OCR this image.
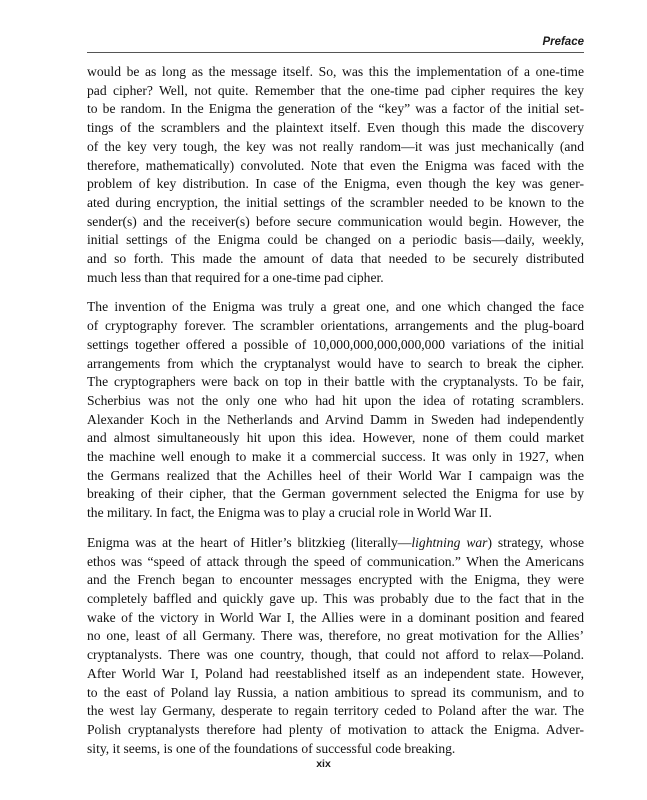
Preface

would be as long as the message itself. So, was this the implementation of a one-time
pad cipher? Well, not quite. Remember that the one-time pad cipher requires the key
to be random. In the Enigma the generation of the “key” was a factor of the initial set-
tings of the scramblers and the plaintext itself. Even though this made the discovery
of the key very tough, the key was not really random—it was just mechanically (and
therefore, mathematically) convoluted. Note that even the Enigma was faced with the
problem of key distribution. In case of the Enigma, even though the key was gener-
ated during encryption, the initial settings of the scrambler needed to be known to the
sender(s) and the receiver(s) before secure communication would begin. However, the
initial settings of the Enigma could be changed on a periodic basis—daily, weekly,
and so forth. This made the amount of data that needed to be securely distributed
much less than that required for a one-time pad cipher.

The invention of the Enigma was truly a great one, and one which changed the face
of cryptography forever. The scrambler orientations, arrangements and the plug-board
settings together offered a possible of 10,000,000,000,000,000 variations of the initial
arrangements from which the cryptanalyst would have to search to break the cipher.
The cryptographers were back on top in their battle with the cryptanalysts. To be fair,
Scherbius was not the only one who had hit upon the idea of rotating scramblers.
Alexander Koch in the Netherlands and Arvind Damm in Sweden had independently
and almost simultaneously hit upon this idea. However, none of them could market
the machine well enough to make it a commercial success. It was only in 1927, when
the Germans realized that the Achilles heel of their World War I campaign was the
breaking of their cipher, that the German government selected the Enigma for use by
the military. In fact, the Enigma was to play a crucial role in World War II.

Enigma was at the heart of Hitler’s blitzkieg (literally—lightning war) strategy, whose
ethos was “speed of attack through the speed of communication.” When the Americans
and the French began to encounter messages encrypted with the Enigma, they were
completely baffled and quickly gave up. This was probably due to the fact that in the
wake of the victory in World War I, the Allies were in a dominant position and feared
no one, least of all Germany. There was, therefore, no great motivation for the Allies’
cryptanalysts. There was one country, though, that could not afford to relax—Poland.
After World War I, Poland had reestablished itself as an independent state. However,
to the east of Poland lay Russia, a nation ambitious to spread its communism, and to
the west lay Germany, desperate to regain territory ceded to Poland after the war. The
Polish cryptanalysts therefore had plenty of motivation to attack the Enigma. Adver-
sity, it seems, is one of the foundations of successful code breaking.

xix
